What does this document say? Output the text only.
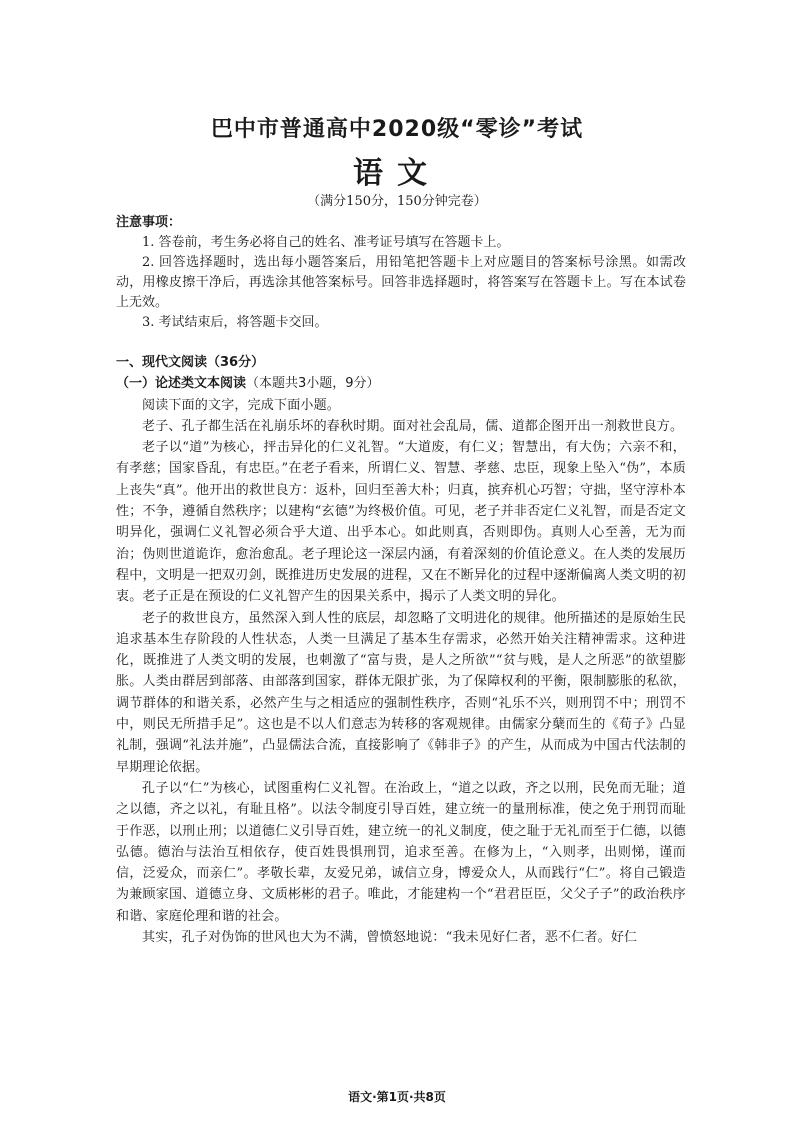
巴中市普通高中2020级“零诊”考试
语文
（满分150分，150分钟完卷）
注意事项：
1. 答卷前，考生务必将自己的姓名、准考证号填写在答题卡上。
2. 回答选择题时，选出每小题答案后，用铅笔把答题卡上对应题目的答案标号涂黑。如需改动，用橡皮擦干净后，再选涂其他答案标号。回答非选择题时，将答案写在答题卡上。写在本试卷上无效。
3. 考试结束后，将答题卡交回。
一、现代文阅读（36分）
（一）论述类文本阅读（本题共3小题，9分）
阅读下面的文字，完成下面小题。
老子、孔子都生活在礼崩乐坏的春秋时期。面对社会乱局，儒、道都企图开出一剂救世良方。
老子以“道”为核心，抨击异化的仁义礼智。“大道废，有仁义；智慧出，有大伪；六亲不和，有孝慈；国家昏乱，有忠臣。”在老子看来，所谓仁义、智慧、孝慈、忠臣，现象上坠入“伪”，本质上丧失“真”。他开出的救世良方：返朴，回归至善大朴；归真，摈弃机心巧智；守拙，坚守淳朴本性；不争，遵循自然秩序；以建构“玄德”为终极价值。可见，老子并非否定仁义礼智，而是否定文明异化，强调仁义礼智必须合乎大道、出乎本心。如此则真，否则即伪。真则人心至善，无为而治；伪则世道诡诈，愈治愈乱。老子理论这一深层内涵，有着深刻的价值论意义。在人类的发展历程中，文明是一把双刃剑，既推进历史发展的进程，又在不断异化的过程中逐渐偏离人类文明的初衷。老子正是在预设的仁义礼智产生的因果关系中，揭示了人类文明的异化。
老子的救世良方，虽然深入到人性的底层，却忽略了文明进化的规律。他所描述的是原始生民追求基本生存阶段的人性状态，人类一旦满足了基本生存需求，必然开始关注精神需求。这种进化，既推进了人类文明的发展，也刺激了“富与贵，是人之所欲”“贫与贱，是人之所恶”的欲望膨胀。人类由群居到部落、由部落到国家，群体无限扩张，为了保障权利的平衡，限制膨胀的私欲，调节群体的和谐关系，必然产生与之相适应的强制性秩序，否则“礼乐不兴，则刑罚不中；刑罚不中，则民无所措手足”。这也是不以人们意志为转移的客观规律。由儒家分蘖而生的《荀子》凸显礼制，强调“礼法并施”，凸显儒法合流，直接影响了《韩非子》的产生，从而成为中国古代法制的早期理论依据。
孔子以“仁”为核心，试图重构仁义礼智。在治政上，“道之以政，齐之以刑，民免而无耻；道之以德，齐之以礼，有耻且格”。以法令制度引导百姓，建立统一的量刑标准，使之免于刑罚而耻于作恶，以刑止刑；以道德仁义引导百姓，建立统一的礼义制度，使之耻于无礼而至于仁德，以德弘德。德治与法治互相依存，使百姓畏惧刑罚，追求至善。在修为上，“入则孝，出则悌，谨而信，泛爱众，而亲仁”。孝敬长辈，友爱兄弟，诚信立身，博爱众人，从而践行“仁”。将自己锻造为兼顾家国、道德立身、文质彬彬的君子。唯此，才能建构一个“君君臣臣，父父子子”的政治秩序和谐、家庭伦理和谐的社会。
其实，孔子对伪饰的世风也大为不满，曾愤怒地说：“我未见好仁者，恶不仁者。好仁
语文·第1页·共8页
